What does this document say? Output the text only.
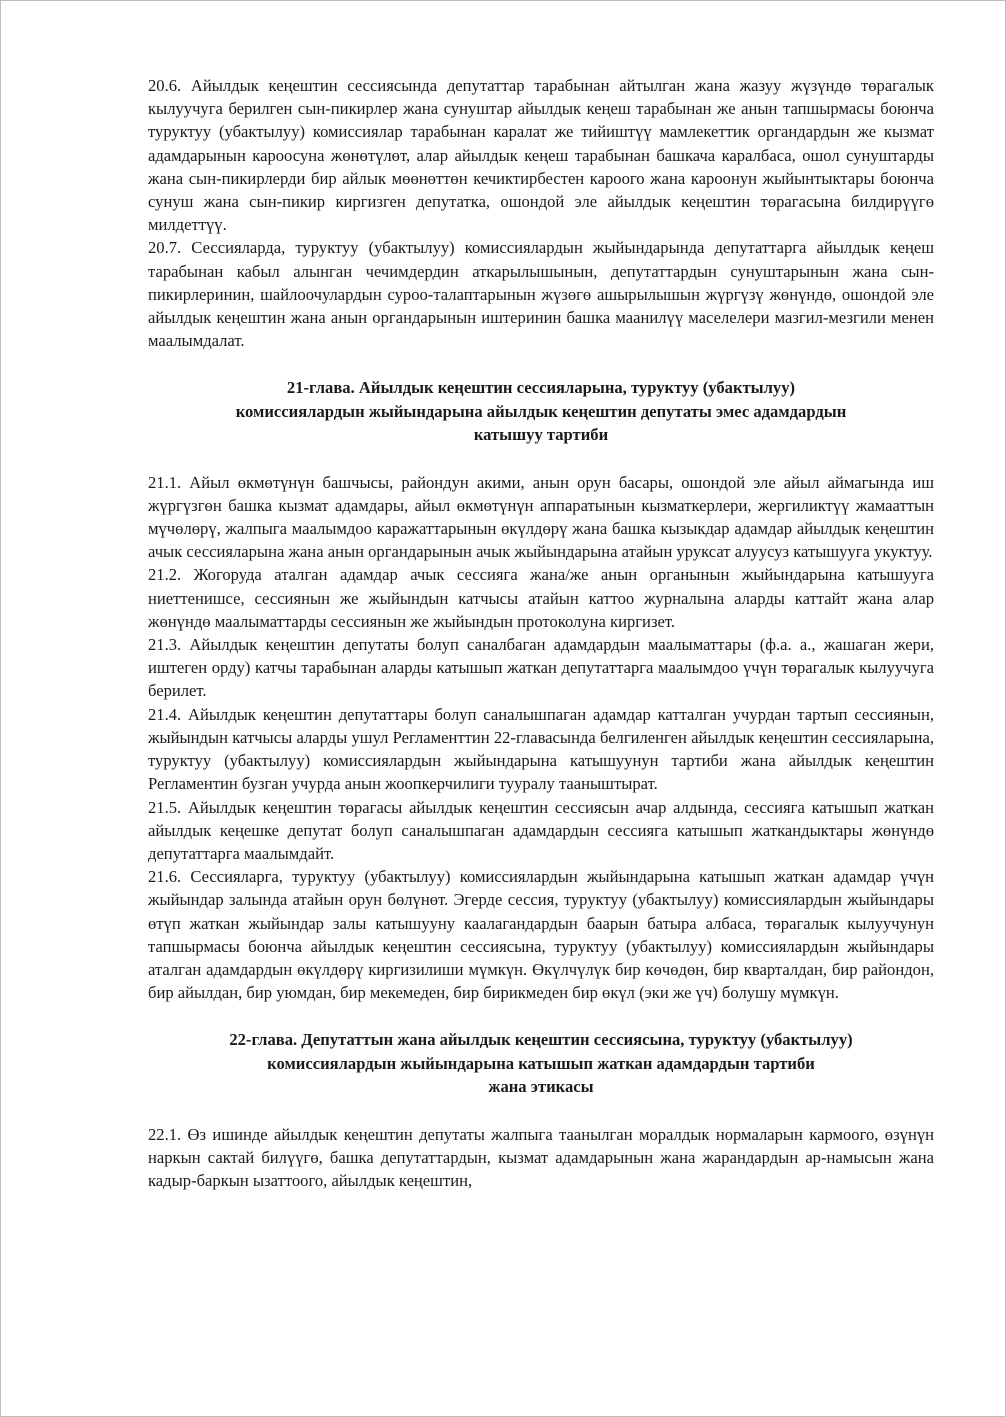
20.6. Айылдык кеңештин сессиясында депутаттар тарабынан айтылган жана жазуу жүзүндө төрагалык кылуучуга берилген сын-пикирлер жана сунуштар айылдык кеңеш тарабынан же анын тапшырмасы боюнча туруктуу (убактылуу) комиссиялар тарабынан каралат же тийиштүү мамлекеттик органдардын же кызмат адамдарынын кароосуна жөнөтүлөт, алар айылдык кеңеш тарабынан башкача каралбаса, ошол сунуштарды жана сын-пикирлерди бир айлык мөөнөттөн кечиктирбестен кароого жана кароонун жыйынтыктары боюнча сунуш жана сын-пикир киргизген депутатка, ошондой эле айылдык кеңештин төрагасына билдирүүгө милдеттүү.

20.7. Сессияларда, туруктуу (убактылуу) комиссиялардын жыйындарында депутаттарга айылдык кеңеш тарабынан кабыл алынган чечимдердин аткарылышынын, депутаттардын сунуштарынын жана сын-пикирлеринин, шайлоочулардын суроо-талаптарынын жүзөгө ашырылышын жүргүзү жөнүндө, ошондой эле айылдык кеңештин жана анын органдарынын иштеринин башка маанилүү маселелери мазгил-мезгили менен маалымдалат.

21-глава. Айылдык кеңештин сессияларына, туруктуу (убактылуу)

комиссиялардын жыйындарына айылдык кеңештин депутаты эмес адамдардын

катышуу тартиби

21.1. Айыл өкмөтүнүн башчысы, райондун акими, анын орун басары, ошондой эле айыл аймагында иш жүргүзгөн башка кызмат адамдары, айыл өкмөтүнүн аппаратынын кызматкерлери, жергиликтүү жамааттын мүчөлөрү, жалпыга маалымдоо каражаттарынын өкүлдөрү жана башка кызыкдар адамдар айылдык кеңештин ачык сессияларына жана анын органдарынын ачык жыйындарына атайын уруксат алуусуз катышууга укуктуу.

21.2. Жогоруда аталган адамдар ачык сессияга жана/же анын органынын жыйындарына катышууга ниеттенишсе, сессиянын же жыйындын катчысы атайын каттоо журналына аларды каттайт жана алар жөнүндө маалыматтарды сессиянын же жыйындын протоколуна киргизет.

21.3. Айылдык кеңештин депутаты болуп саналбаган адамдардын маалыматтары (ф.а. а., жашаган жери, иштеген орду) катчы тарабынан аларды катышып жаткан депутаттарга маалымдоо үчүн төрагалык кылуучуга берилет.

21.4. Айылдык кеңештин депутаттары болуп саналышпаган адамдар катталган учурдан тартып сессиянын, жыйындын катчысы аларды ушул Регламенттин 22-главасында белгиленген айылдык кеңештин сессияларына, туруктуу (убактылуу) комиссиялардын жыйындарына катышуунун тартиби жана айылдык кеңештин Регламентин бузган учурда анын жоопкерчилиги тууралу тааныштырат.

21.5. Айылдык кеңештин төрагасы айылдык кеңештин сессиясын ачар алдында, сессияга катышып жаткан айылдык кеңешке депутат болуп саналышпаган адамдардын сессияга катышып жаткандыктары жөнүндө депутаттарга маалымдайт.

21.6. Сессияларга, туруктуу (убактылуу) комиссиялардын жыйындарына катышып жаткан адамдар үчүн жыйындар залында атайын орун бөлүнөт. Эгерде сессия, туруктуу (убактылуу) комиссиялардын жыйындары өтүп жаткан жыйындар залы катышууну каалагандардын баарын батыра албаса, төрагалык кылуучунун тапшырмасы боюнча айылдык кеңештин сессиясына, туруктуу (убактылуу) комиссиялардын жыйындары аталган адамдардын өкүлдөрү киргизилиши мүмкүн. Өкүлчүлүк бир көчөдөн, бир кварталдан, бир райондон, бир айылдан, бир уюмдан, бир мекемеден, бир бирикмеден бир өкүл (эки же үч) болушу мүмкүн.

22-глава. Депутаттын жана айылдык кеңештин сессиясына, туруктуу (убактылуу)

комиссиялардын жыйындарына катышып жаткан адамдардын тартиби

жана этикасы

22.1. Өз ишинде айылдык кеңештин депутаты жалпыга таанылган моралдык нормаларын кармоого, өзүнүн наркын сактай билүүгө, башка депутаттардын, кызмат адамдарынын жана жарандардын ар-намысын жана кадыр-баркын ызаттоого, айылдык кеңештин,
